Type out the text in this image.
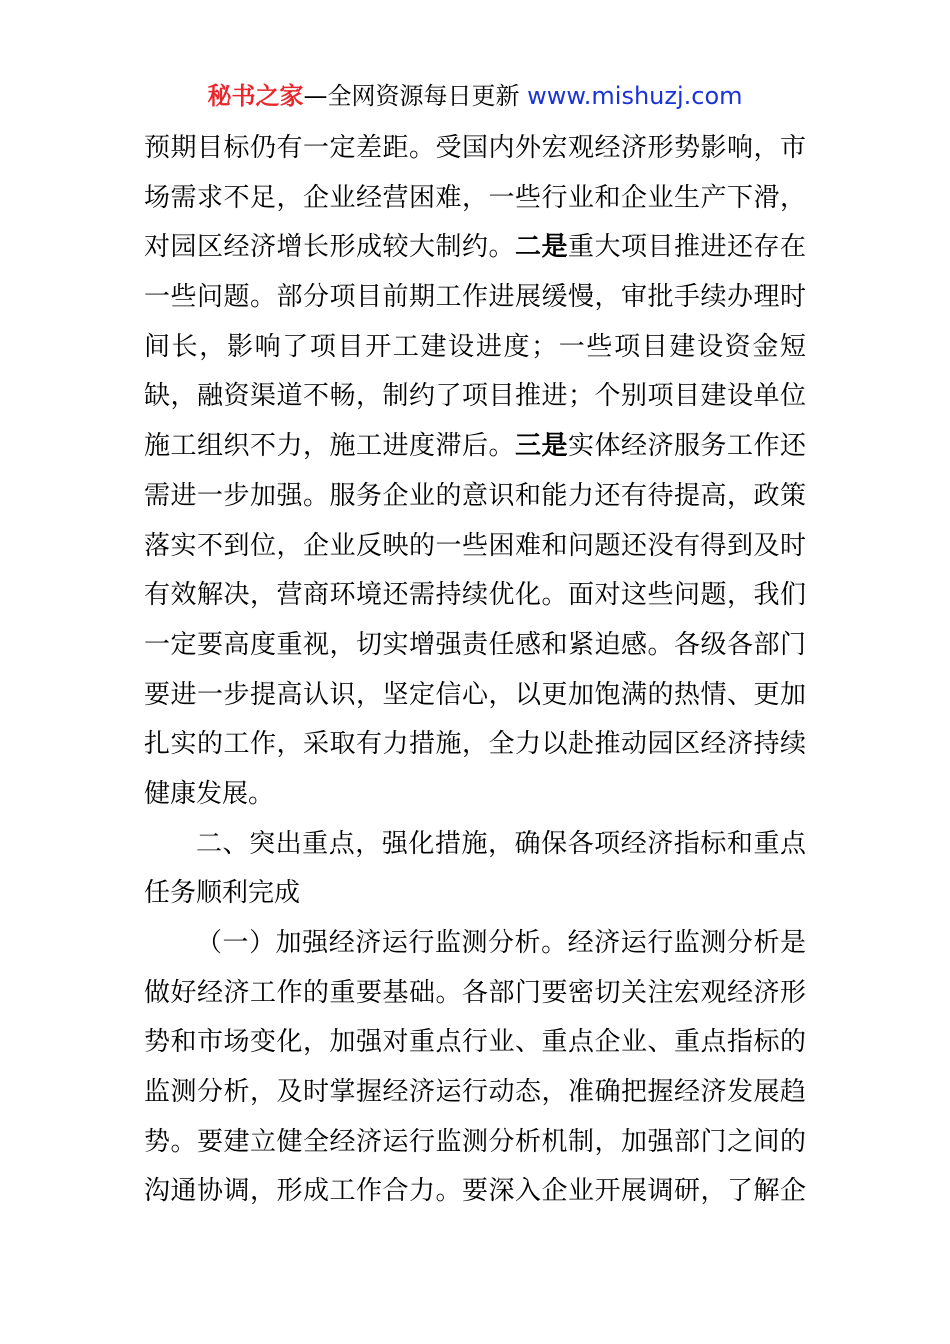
秘书之家—全网资源每日更新 www.mishuzj.com
预期目标仍有一定差距。受国内外宏观经济形势影响，市
场需求不足，企业经营困难，一些行业和企业生产下滑，
对园区经济增长形成较大制约。二是重大项目推进还存在
一些问题。部分项目前期工作进展缓慢，审批手续办理时
间长，影响了项目开工建设进度；一些项目建设资金短
缺，融资渠道不畅，制约了项目推进；个别项目建设单位
施工组织不力，施工进度滞后。三是实体经济服务工作还
需进一步加强。服务企业的意识和能力还有待提高，政策
落实不到位，企业反映的一些困难和问题还没有得到及时
有效解决，营商环境还需持续优化。面对这些问题，我们
一定要高度重视，切实增强责任感和紧迫感。各级各部门
要进一步提高认识，坚定信心，以更加饱满的热情、更加
扎实的工作，采取有力措施，全力以赴推动园区经济持续
健康发展。
二、突出重点，强化措施，确保各项经济指标和重点
任务顺利完成
（一）加强经济运行监测分析。经济运行监测分析是
做好经济工作的重要基础。各部门要密切关注宏观经济形
势和市场变化，加强对重点行业、重点企业、重点指标的
监测分析，及时掌握经济运行动态，准确把握经济发展趋
势。要建立健全经济运行监测分析机制，加强部门之间的
沟通协调，形成工作合力。要深入企业开展调研，了解企
